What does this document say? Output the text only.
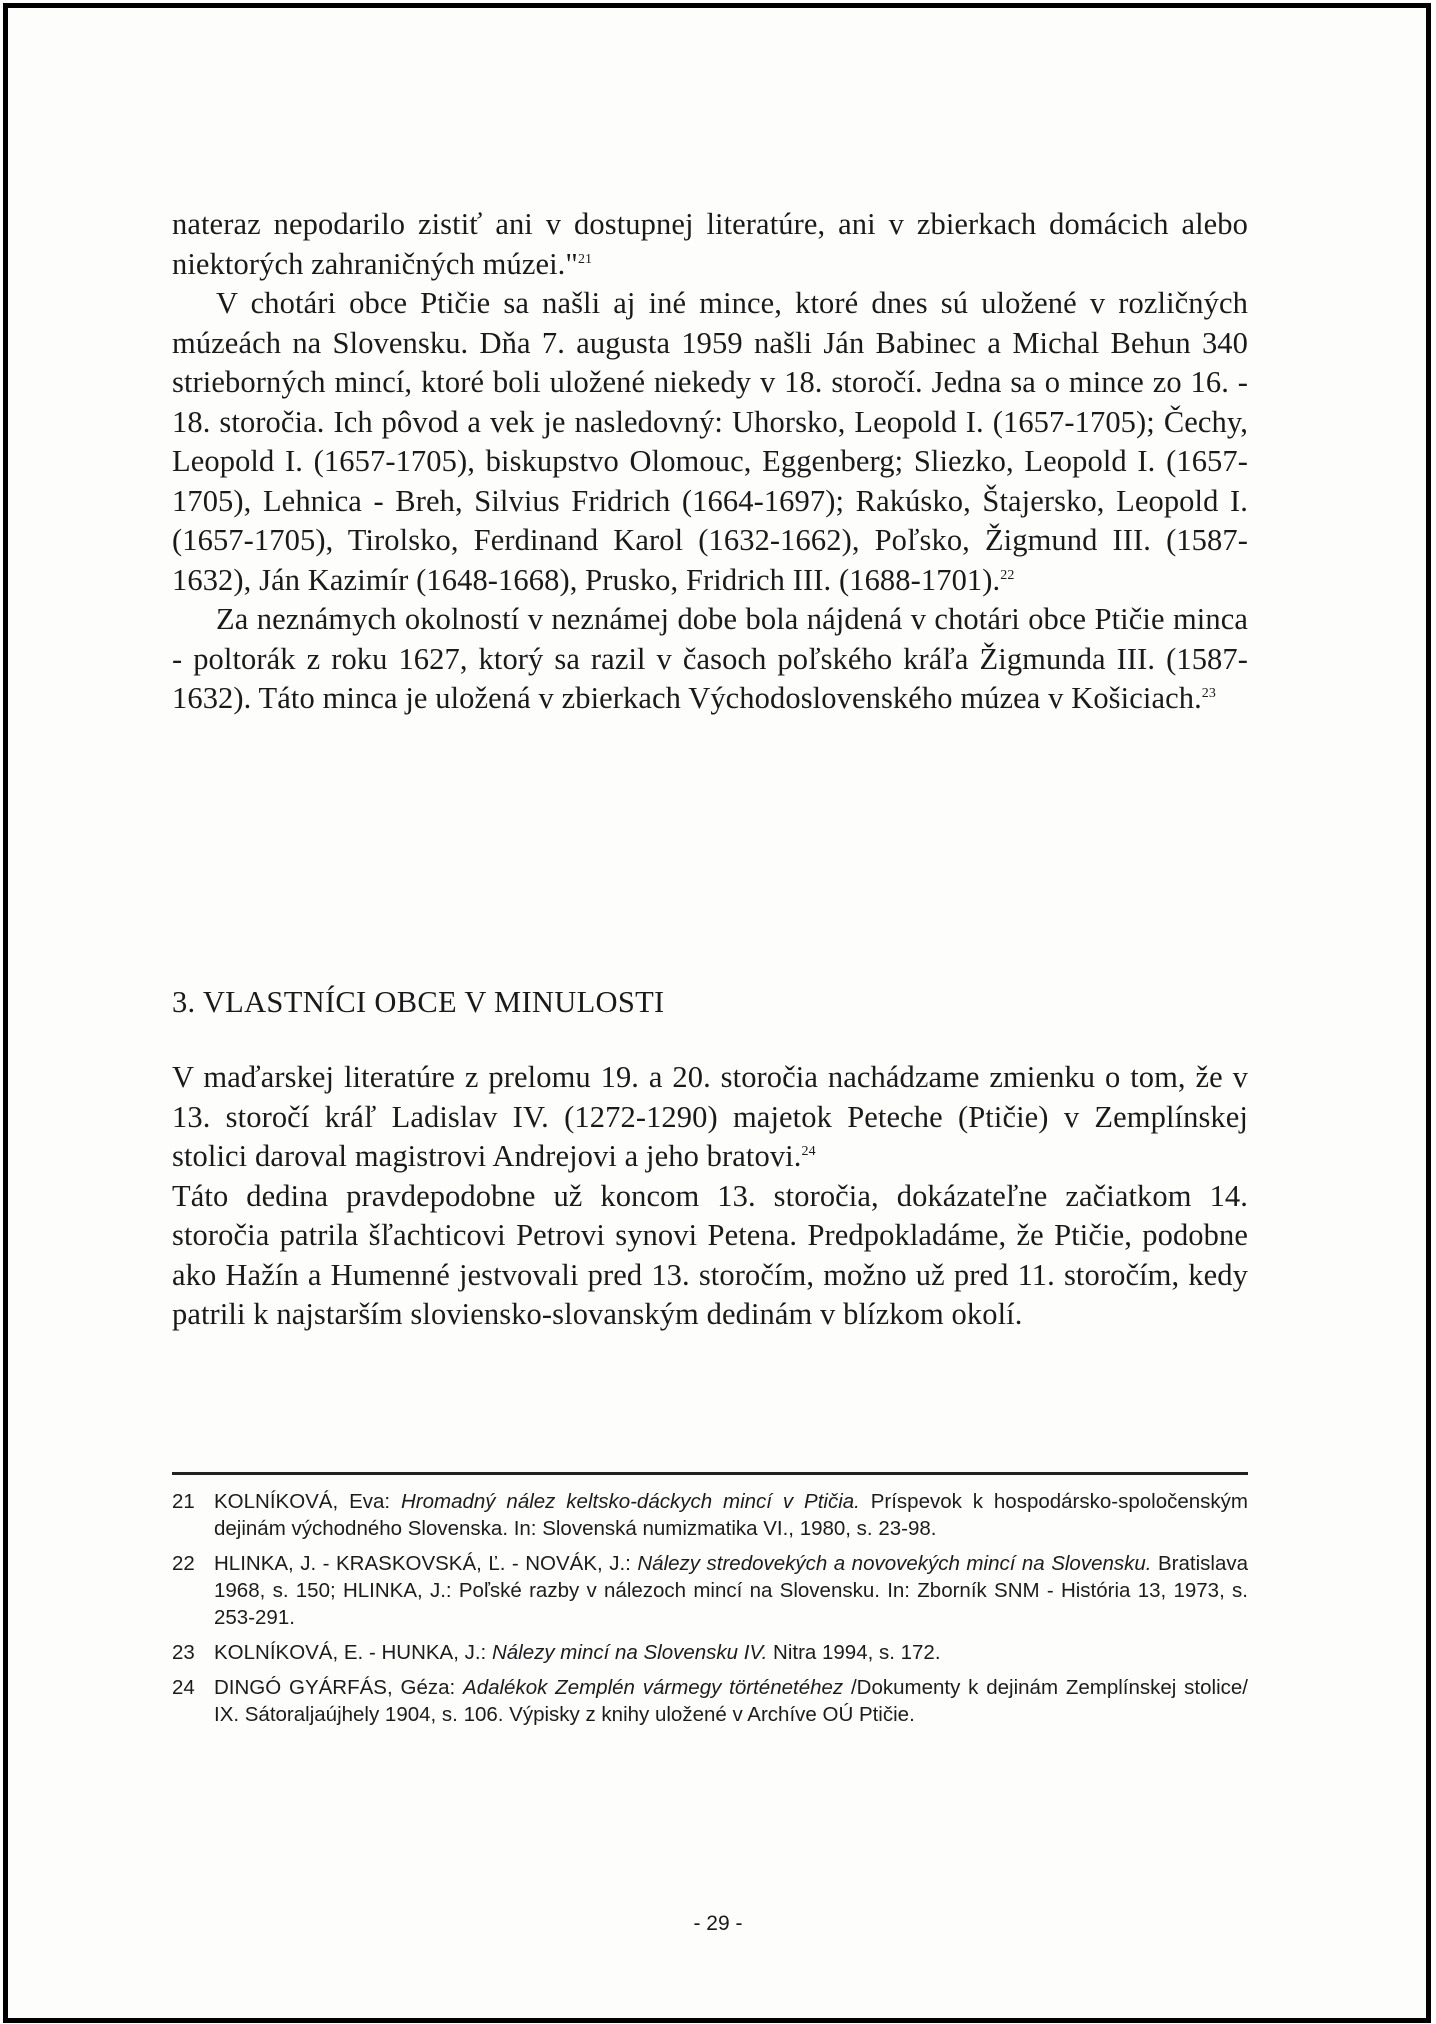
nateraz nepodarilo zistiť ani v dostupnej literatúre, ani v zbierkach domácich alebo niektorých zahraničných múzei."$^{21}$

V chotári obce Ptičie sa našli aj iné mince, ktoré dnes sú uložené v rozličných múzeách na Slovensku. Dňa 7. augusta 1959 našli Ján Babinec a Michal Behun 340 strieborných mincí, ktoré boli uložené niekedy v 18. storočí. Jedna sa o mince zo 16. - 18. storočia. Ich pôvod a vek je nasledovný: Uhorsko, Leopold I. (1657-1705); Čechy, Leopold I. (1657-1705), biskupstvo Olomouc, Eggenberg; Sliezko, Leopold I. (1657-1705), Lehnica - Breh, Silvius Fridrich (1664-1697); Rakúsko, Štajersko, Leopold I. (1657-1705), Tirolsko, Ferdinand Karol (1632-1662), Poľsko, Žigmund III. (1587-1632), Ján Kazimír (1648-1668), Prusko, Fridrich III. (1688-1701).$^{22}$

Za neznámych okolností v neznámej dobe bola nájdená v chotári obce Ptičie minca - poltorák z roku 1627, ktorý sa razil v časoch poľského kráľa Žigmunda III. (1587-1632). Táto minca je uložená v zbierkach Východoslovenského múzea v Košiciach.$^{23}$

3. VLASTNÍCI OBCE V MINULOSTI

V maďarskej literatúre z prelomu 19. a 20. storočia nachádzame zmienku o tom, že v 13. storočí kráľ Ladislav IV. (1272-1290) majetok Peteche (Ptičie) v Zemplínskej stolici daroval magistrovi Andrejovi a jeho bratovi.$^{24}$

Táto dedina pravdepodobne už koncom 13. storočia, dokázateľne začiatkom 14. storočia patrila šľachticovi Petrovi synovi Petena. Predpokladáme, že Ptičie, podobne ako Hažín a Humenné jestvovali pred 13. storočím, možno už pred 11. storočím, kedy patrili k najstarším sloviensko-slovanským dedinám v blízkom okolí.

21 KOLNÍKOVÁ, Eva: Hromadný nález keltsko-dáckych mincí v Ptičia. Príspevok k hospodársko-spoločenským dejinám východného Slovenska. In: Slovenská numizmatika VI., 1980, s. 23-98.
22 HLINKA, J. - KRASKOVSKÁ, Ľ. - NOVÁK, J.: Nálezy stredovekých a novovekých mincí na Slovensku. Bratislava 1968, s. 150; HLINKA, J.: Poľské razby v nálezoch mincí na Slovensku. In: Zborník SNM - História 13, 1973, s. 253-291.
23 KOLNÍKOVÁ, E. - HUNKA, J.: Nálezy mincí na Slovensku IV. Nitra 1994, s. 172.
24 DINGÓ GYÁRFÁS, Géza: Adalékok Zemplén vármegy történetéhez /Dokumenty k dejinám Zemplínskej stolice/ IX. Sátoraljaújhely 1904, s. 106. Výpisky z knihy uložené v Archíve OÚ Ptičie.
- 29 -
